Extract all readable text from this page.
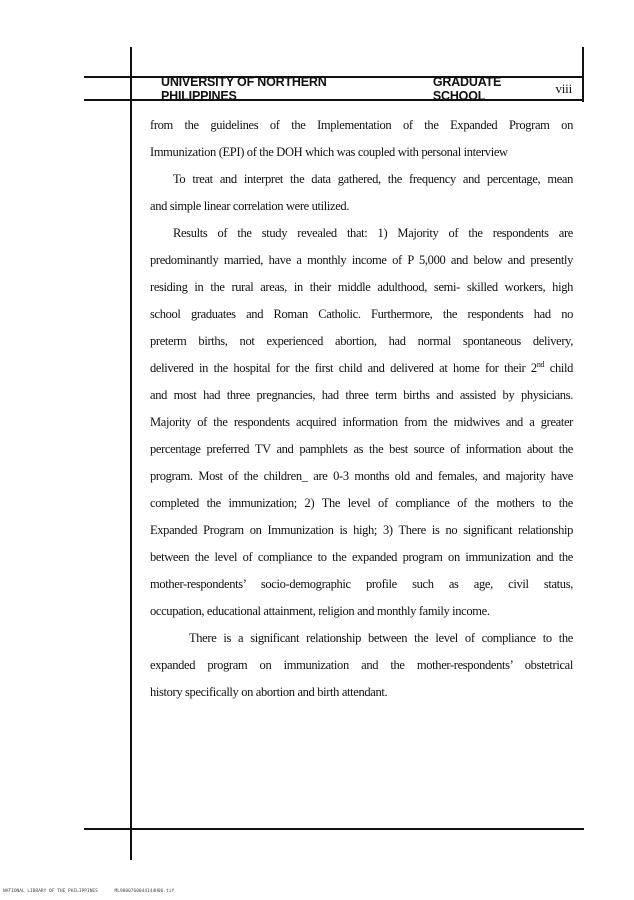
UNIVERSITY OF NORTHERN PHILIPPINES
GRADUATE SCHOOL	viii
from the guidelines of the Implementation of the Expanded Program on
Immunization (EPI) of the DOH which was coupled with personal interview
To treat and interpret the data gathered, the frequency and percentage, mean
and simple linear correlation were utilized.
Results of the study revealed that: 1) Majority of the respondents are
predominantly married, have a monthly income of P 5,000 and below and presently
residing in the rural areas, in their middle adulthood, semi- skilled workers, high
school graduates and Roman Catholic. Furthermore, the respondents had no
preterm births, not experienced abortion, had normal spontaneous delivery,
delivered in the hospital for the first child and delivered at home for their 2nd child
and most had three pregnancies, had three term births and assisted by physicians.
Majority of the respondents acquired information from the midwives and a greater
percentage preferred TV and pamphlets as the best source of information about the
program. Most of the children_ are 0-3 months old and females, and majority have
completed the immunization; 2) The level of compliance of the mothers to the
Expanded Program on Immunization is high; 3) There is no significant relationship
between the level of compliance to the expanded program on immunization and the
mother-respondents’ socio-demographic profile such as age, civil status,
occupation, educational attainment, religion and monthly family income.
There is a significant relationship between the level of compliance to the
expanded program on immunization and the mother-respondents’ obstetrical
history specifically on abortion and birth attendant.
NATIONAL LIBRARY OF THE PHILIPPINES	ML9800760044144H06.tif
